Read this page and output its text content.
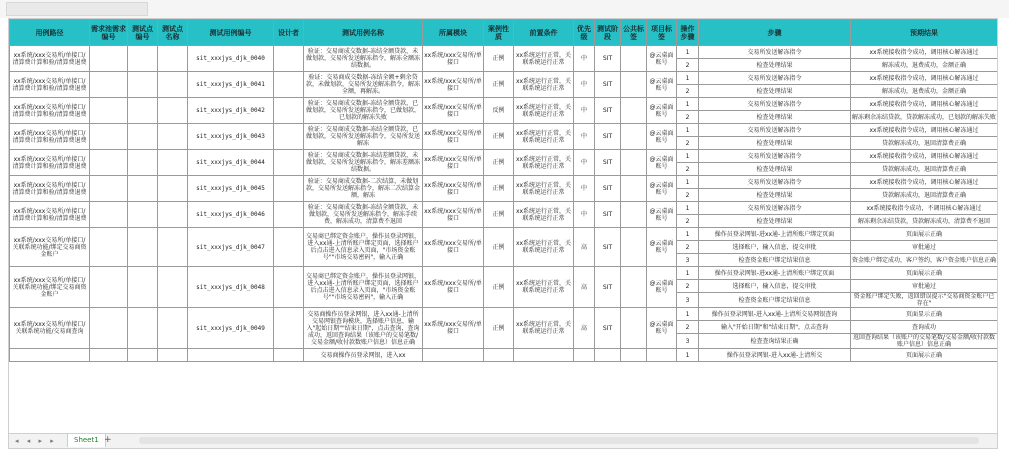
用例路径	需求池需求编号	测试点编号	测试点名称	测试用例编号	设计者	测试用例名称	所属模块	案例性质	前置条件	优先级	测试阶段	公共标签	项目标签	操作步骤	步骤	预期结果
xx系统/xxx交易所/单接口/清算费计算和验/清算费退费				sit_xxxjys_djk_0040		验证：交易商成交数据-冻结全额贷款，未做划款，交易所发送解冻指令，解冻全额冻结数据。	xx系统/xxx交易所/单接口	正例	xx系统运行正常，关联系统运行正常	中	SIT		@云桌面账号	1	交易所发送解冻指令	xx系统接收指令成功，调用核心解冻通过
														2	检查处理结果	解冻成功，退费成功，金额正确
xx系统/xxx交易所/单接口/清算费计算和验/清算费退费				sit_xxxjys_djk_0041		验证：交易商成交数据-冻结全额+剩余贷款，未做划款，交易所发送解冻指令，解冻全额，再解冻。	xx系统/xxx交易所/单接口	正例	xx系统运行正常，关联系统运行正常	中	SIT		@云桌面账号	1	交易所发送解冻指令	xx系统接收指令成功，调用核心解冻通过
														2	检查处理结果	解冻成功，退费成功，金额正确
xx系统/xxx交易所/单接口/清算费计算和验/清算费退费				sit_xxxjys_djk_0042		验证：交易商成交数据-冻结全额贷款，已做划款，交易所发送解冻指令，已做划款，已划款的解冻失败	xx系统/xxx交易所/单接口	反例	xx系统运行正常，关联系统运行正常	中	SIT		@云桌面账号	1	交易所发送解冻指令	xx系统接收指令成功，调用核心解冻通过
														2	检查处理结果	解冻剩余冻结贷款，贷款解冻成功，已划款的解冻失败
xx系统/xxx交易所/单接口/清算费计算和验/清算费退费				sit_xxxjys_djk_0043		验证：交易商成交数据-冻结全额贷款，已做划款，交易所发送解冻指令，交易所发送解冻	xx系统/xxx交易所/单接口	正例	xx系统运行正常，关联系统运行正常	中	SIT		@云桌面账号	1	交易所发送解冻指令	xx系统接收指令成功，调用核心解冻通过
														2	检查处理结果	贷款解冻成功，退回清算费正确
xx系统/xxx交易所/单接口/清算费计算和验/清算费退费				sit_xxxjys_djk_0044		验证：交易商成交数据-冻结差额贷款，未做划款，交易所发送解冻指令，解冻差额冻结数据。	xx系统/xxx交易所/单接口	正例	xx系统运行正常，关联系统运行正常	中	SIT		@云桌面账号	1	交易所发送解冻指令	xx系统接收指令成功，调用核心解冻通过
														2	检查处理结果	贷款解冻成功，退回清算费正确
xx系统/xxx交易所/单接口/清算费计算和验/清算费退费				sit_xxxjys_djk_0045		验证：交易商成交数据-二次结算，未做划款，交易所发送解冻指令，解冻二次结算金额，解冻	xx系统/xxx交易所/单接口	正例	xx系统运行正常，关联系统运行正常	中	SIT		@云桌面账号	1	交易所发送解冻指令	xx系统接收指令成功，调用核心解冻通过
														2	检查处理结果	贷款解冻成功，退回清算费正确
xx系统/xxx交易所/单接口/清算费计算和验/清算费退费				sit_xxxjys_djk_0046		验证：交易商成交数据-冻结全额贷款，未做划款，交易所发送解冻指令，解冻手续费，解冻成功，清算费不退回	xx系统/xxx交易所/单接口	正例	xx系统运行正常，关联系统运行正常	中	SIT		@云桌面账号	1	交易所发送解冻指令	xx系统接收指令成功，不调用核心解冻通过
														2	检查处理结果	解冻剩余冻结贷款，贷款解冻成功，清算费不退回
xx系统/xxx交易所/单接口/关联系统功能/绑定交易商资金账户				sit_xxxjys_djk_0047		交易商已绑定资金账户，操作员登录网银，进入xx通-上清所账户绑定页面，选择账户后点击进入信息录入页面，"市场资金账号""市场交易密码"，输入正确	xx系统/xxx交易所/单接口	正例	xx系统运行正常，关联系统运行正常	高	SIT		@云桌面账号	1	操作员登录网银-进xx通-上清所账户绑定页面	页面展示正确
														2	选择账户，输入信息，提交审批	审批通过
														3	检查资金账户绑定结果信息	资金账户绑定成功，客户签约，客户资金账户信息正确
xx系统/xxx交易所/单接口/关联系统功能/绑定交易商资金账户				sit_xxxjys_djk_0048		交易商已绑定资金账户，操作员登录网银，进入xx通-上清所账户绑定页面，选择账户后点击进入信息录入页面，"市场资金账号""市场交易密码"，输入正确	xx系统/xxx交易所/单接口	正例	xx系统运行正常，关联系统运行正常	高	SIT		@云桌面账号	1	操作员登录网银-进xx通-上清所账户绑定页面	页面展示正确
														2	选择账户，输入信息，提交审批	审批通过
														3	检查资金账户绑定结果信息	资金账户绑定失败，返回错误提示"交易商资金账户已存在"
xx系统/xxx交易所/单接口/关联系统功能/交易商查询				sit_xxxjys_djk_0049		交易商操作员登录网银，进入xx通-上清所交易网银查询模块，选择账户信息，输入"起始日期""结束日期"，点击查询，查询成功，返回查询结果（该账户的交易笔数/交易金额/收付款数账户信息）信息正确	xx系统/xxx交易所/单接口	正例	xx系统运行正常，关联系统运行正常	高	SIT		@云桌面账号	1	操作员登录网银-进入xx通-上清所交易网银查询	页面显示正确
														2	输入"开始日期"和"结束日期"，点击查询	查询成功
														3	检查查询结果正确	返回查询结果（该账户的交易笔数/交易金额/收付款数账户信息）信息正确
						交易商操作员登录网银，进入xx								1	操作员登录网银-进入xx通-上清所交	页面展示正确
◂ ◂ ▸ ▸	Sheet1 +
